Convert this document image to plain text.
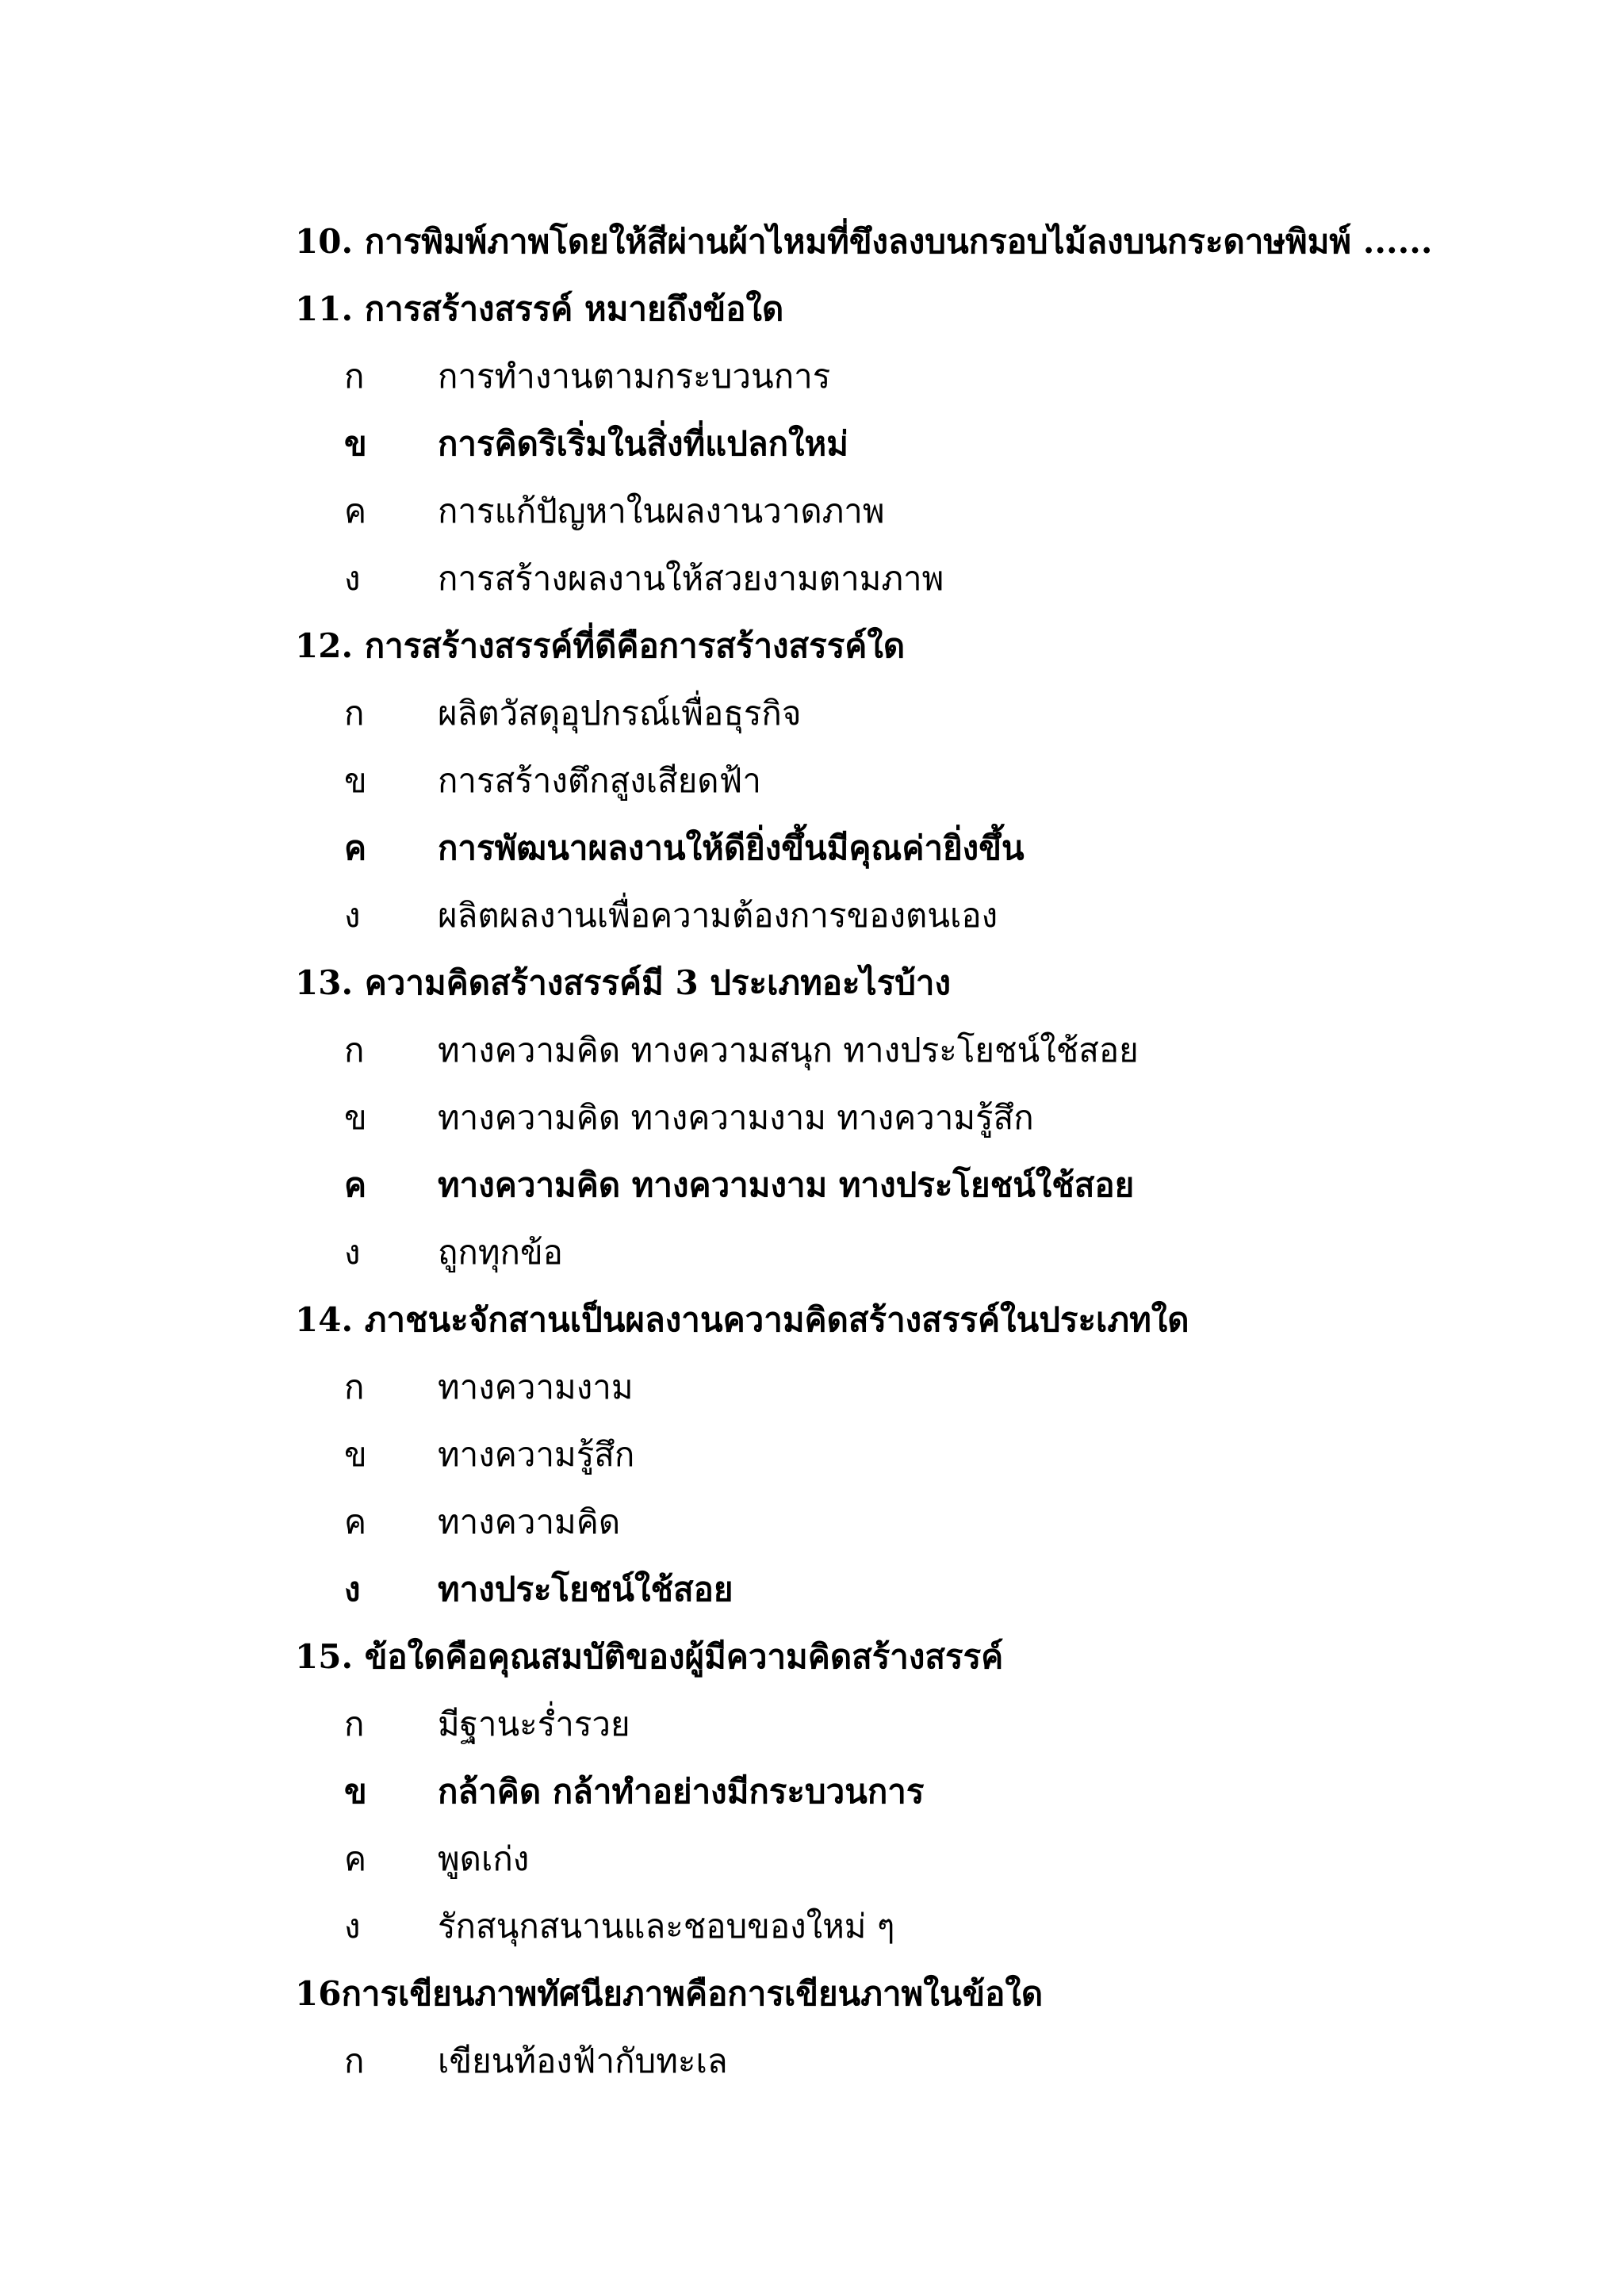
10. การพิมพ์ภาพโดยให้สีผ่านผ้าไหมที่ขึงลงบนกรอบไม้ลงบนกระดาษพิมพ์ ......
11. การสร้างสรรค์ หมายถึงข้อใด
ก การทำงานตามกระบวนการ
ข การคิดริเริ่มในสิ่งที่แปลกใหม่
ค การแก้ปัญหาในผลงานวาดภาพ
ง การสร้างผลงานให้สวยงามตามภาพ
12. การสร้างสรรค์ที่ดีคือการสร้างสรรค์ใด
ก ผลิตวัสดุอุปกรณ์เพื่อธุรกิจ
ข การสร้างตึกสูงเสียดฟ้า
ค การพัฒนาผลงานให้ดียิ่งขึ้นมีคุณค่ายิ่งขึ้น
ง ผลิตผลงานเพื่อความต้องการของตนเอง
13. ความคิดสร้างสรรค์มี 3 ประเภทอะไรบ้าง
ก ทางความคิด ทางความสนุก ทางประโยชน์ใช้สอย
ข ทางความคิด ทางความงาม ทางความรู้สึก
ค ทางความคิด ทางความงาม ทางประโยชน์ใช้สอย
ง ถูกทุกข้อ
14. ภาชนะจักสานเป็นผลงานความคิดสร้างสรรค์ในประเภทใด
ก ทางความงาม
ข ทางความรู้สึก
ค ทางความคิด
ง ทางประโยชน์ใช้สอย
15. ข้อใดคือคุณสมบัติของผู้มีความคิดสร้างสรรค์
ก มีฐานะร่ำรวย
ข กล้าคิด กล้าทำอย่างมีกระบวนการ
ค พูดเก่ง
ง รักสนุกสนานและชอบของใหม่ ๆ
16การเขียนภาพทัศนียภาพคือการเขียนภาพในข้อใด
ก เขียนท้องฟ้ากับทะเล
